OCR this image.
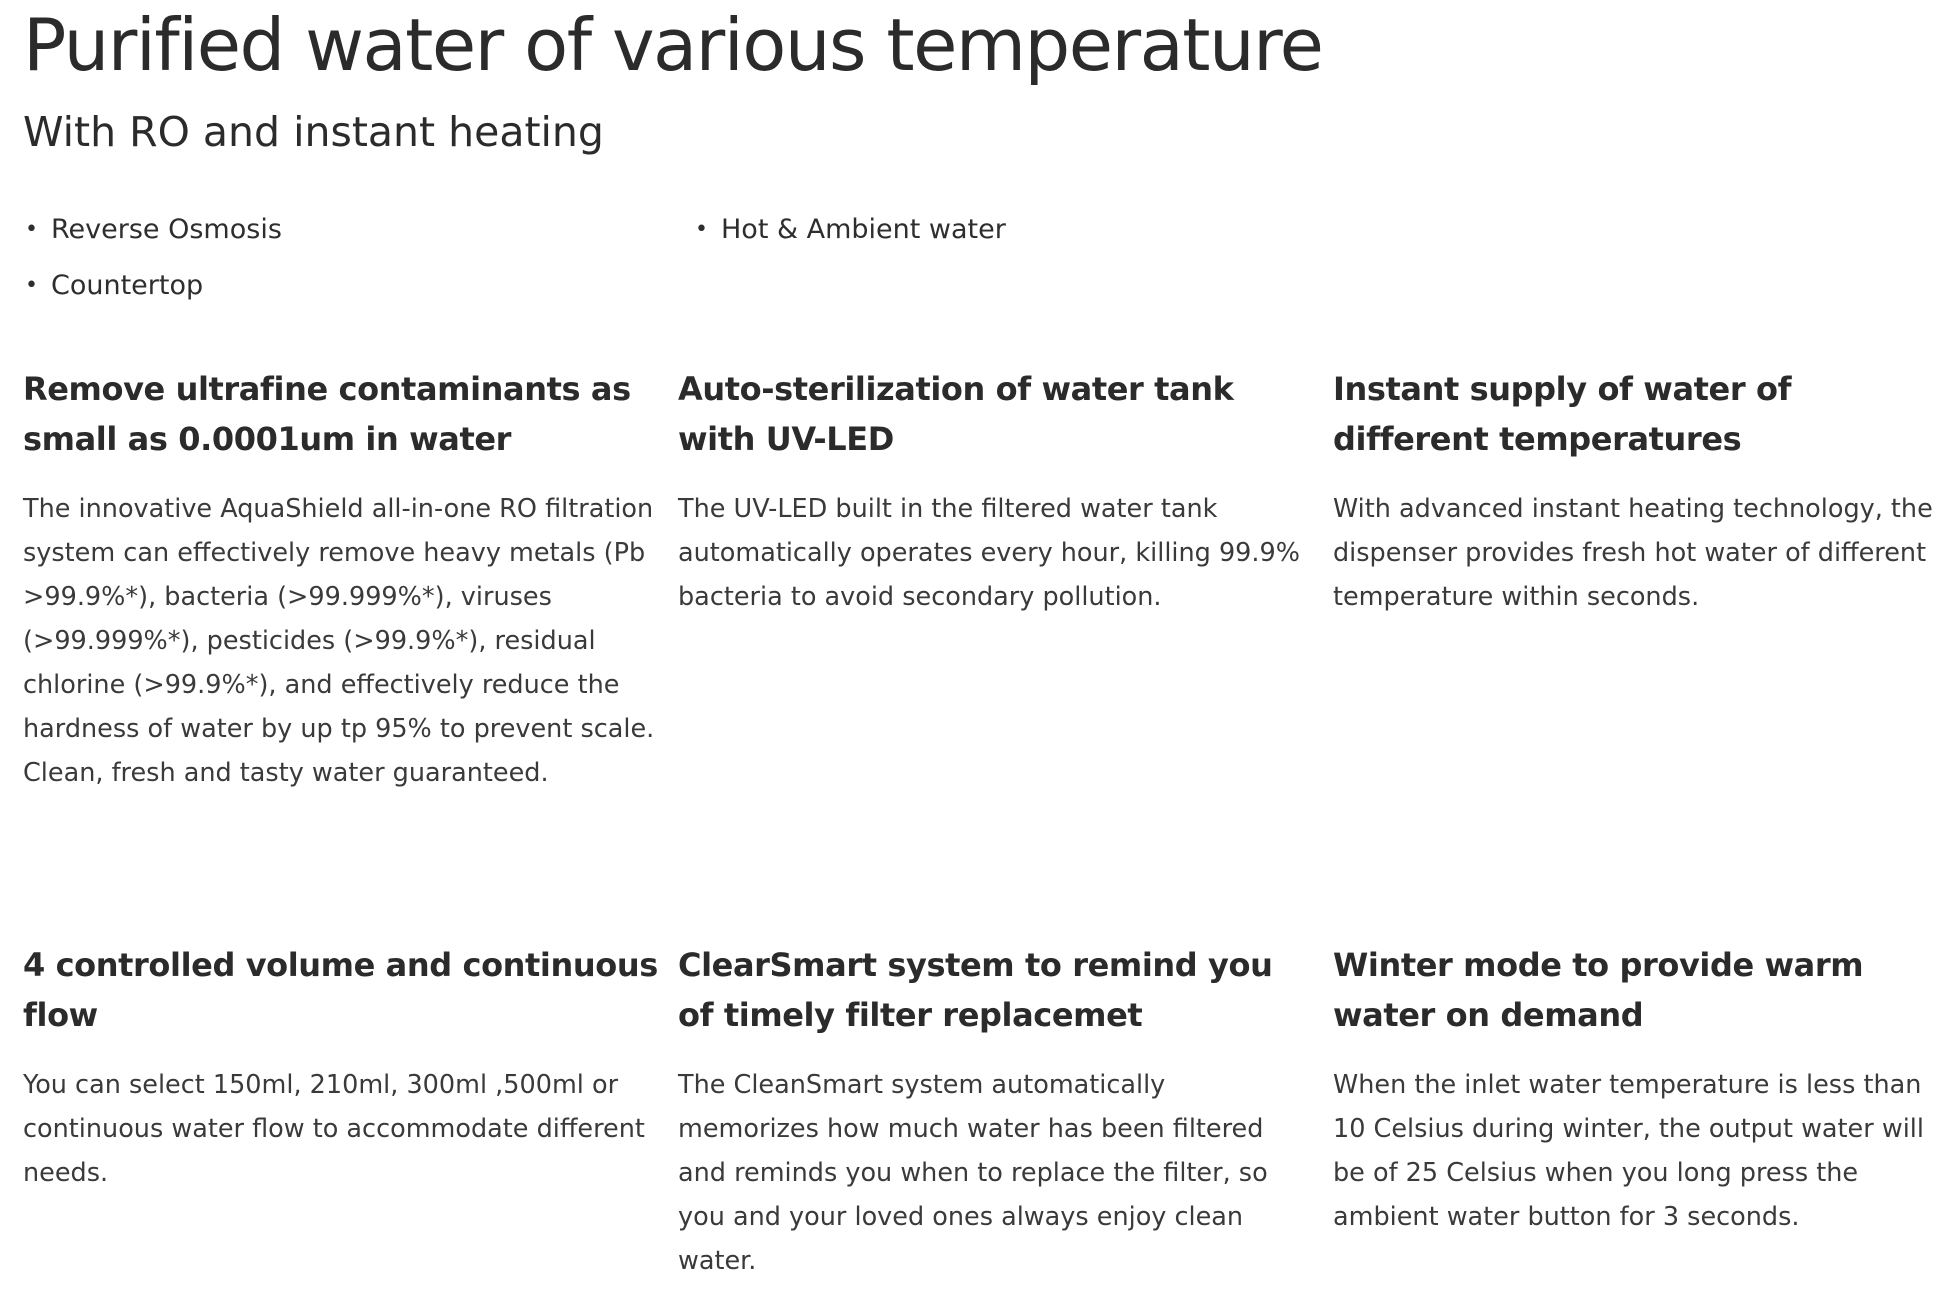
Purified water of various temperature
With RO and instant heating
• Reverse Osmosis	• Hot & Ambient water
• Countertop
Remove ultrafine contaminants as small as 0.0001um in water

The innovative AquaShield all-in-one RO filtration system can effectively remove heavy metals (Pb >99.9%*), bacteria (>99.999%*), viruses (>99.999%*), pesticides (>99.9%*), residual chlorine (>99.9%*), and effectively reduce the hardness of water by up tp 95% to prevent scale. Clean, fresh and tasty water guaranteed.

Auto-sterilization of water tank with UV-LED

The UV-LED built in the filtered water tank automatically operates every hour, killing 99.9% bacteria to avoid secondary pollution.

Instant supply of water of different temperatures

With advanced instant heating technology, the dispenser provides fresh hot water of different temperature within seconds.

4 controlled volume and continuous flow

You can select 150ml, 210ml, 300ml ,500ml or continuous water flow to accommodate different needs.

ClearSmart system to remind you of timely filter replacemet

The CleanSmart system automatically memorizes how much water has been filtered and reminds you when to replace the filter, so you and your loved ones always enjoy clean water.

Winter mode to provide warm water on demand

When the inlet water temperature is less than 10 Celsius during winter, the output water will be of 25 Celsius when you long press the ambient water button for 3 seconds.
